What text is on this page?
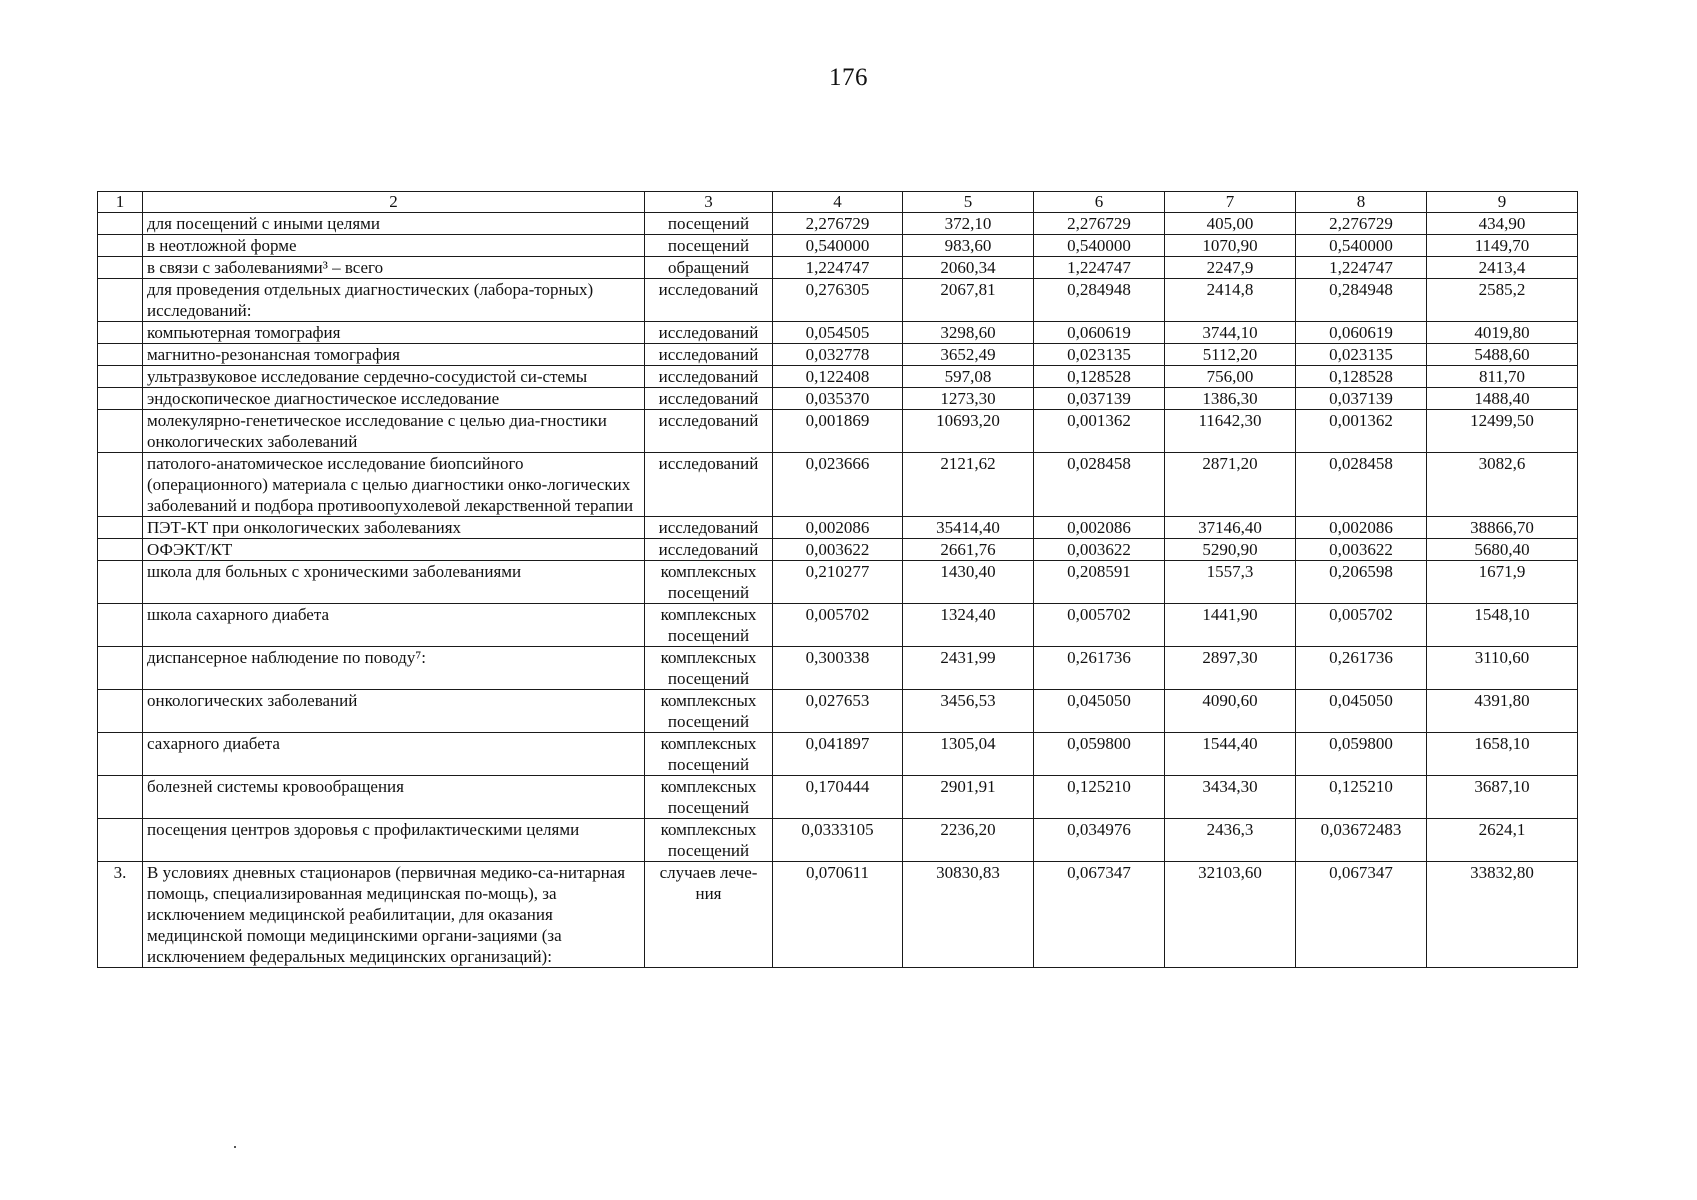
176
1	2	3	4	5	6	7	8	9
	для посещений с иными целями	посещений	2,276729	372,10	2,276729	405,00	2,276729	434,90
	в неотложной форме	посещений	0,540000	983,60	0,540000	1070,90	0,540000	1149,70
	в связи с заболеваниями³ – всего	обращений	1,224747	2060,34	1,224747	2247,9	1,224747	2413,4
	для проведения отдельных диагностических (лабора-торных) исследований:	исследований	0,276305	2067,81	0,284948	2414,8	0,284948	2585,2
	компьютерная томография	исследований	0,054505	3298,60	0,060619	3744,10	0,060619	4019,80
	магнитно-резонансная томография	исследований	0,032778	3652,49	0,023135	5112,20	0,023135	5488,60
	ультразвуковое исследование сердечно-сосудистой си-стемы	исследований	0,122408	597,08	0,128528	756,00	0,128528	811,70
	эндоскопическое диагностическое исследование	исследований	0,035370	1273,30	0,037139	1386,30	0,037139	1488,40
	молекулярно-генетическое исследование с целью диа-гностики онкологических заболеваний	исследований	0,001869	10693,20	0,001362	11642,30	0,001362	12499,50
	патолого-анатомическое исследование биопсийного (операционного) материала с целью диагностики онко-логических заболеваний и подбора противоопухолевой лекарственной терапии	исследований	0,023666	2121,62	0,028458	2871,20	0,028458	3082,6
	ПЭТ-КТ при онкологических заболеваниях	исследований	0,002086	35414,40	0,002086	37146,40	0,002086	38866,70
	ОФЭКТ/КТ	исследований	0,003622	2661,76	0,003622	5290,90	0,003622	5680,40
	школа для больных с хроническими заболеваниями	комплексных посещений	0,210277	1430,40	0,208591	1557,3	0,206598	1671,9
	школа сахарного диабета	комплексных посещений	0,005702	1324,40	0,005702	1441,90	0,005702	1548,10
	диспансерное наблюдение по поводу⁷:	комплексных посещений	0,300338	2431,99	0,261736	2897,30	0,261736	3110,60
	онкологических заболеваний	комплексных посещений	0,027653	3456,53	0,045050	4090,60	0,045050	4391,80
	сахарного диабета	комплексных посещений	0,041897	1305,04	0,059800	1544,40	0,059800	1658,10
	болезней системы кровообращения	комплексных посещений	0,170444	2901,91	0,125210	3434,30	0,125210	3687,10
	посещения центров здоровья с профилактическими целями	комплексных посещений	0,0333105	2236,20	0,034976	2436,3	0,03672483	2624,1
3.	В условиях дневных стационаров (первичная медико-са-нитарная помощь, специализированная медицинская по-мощь), за исключением медицинской реабилитации, для оказания медицинской помощи медицинскими органи-зациями (за исключением федеральных медицинских организаций):	случаев лече-ния	0,070611	30830,83	0,067347	32103,60	0,067347	33832,80
